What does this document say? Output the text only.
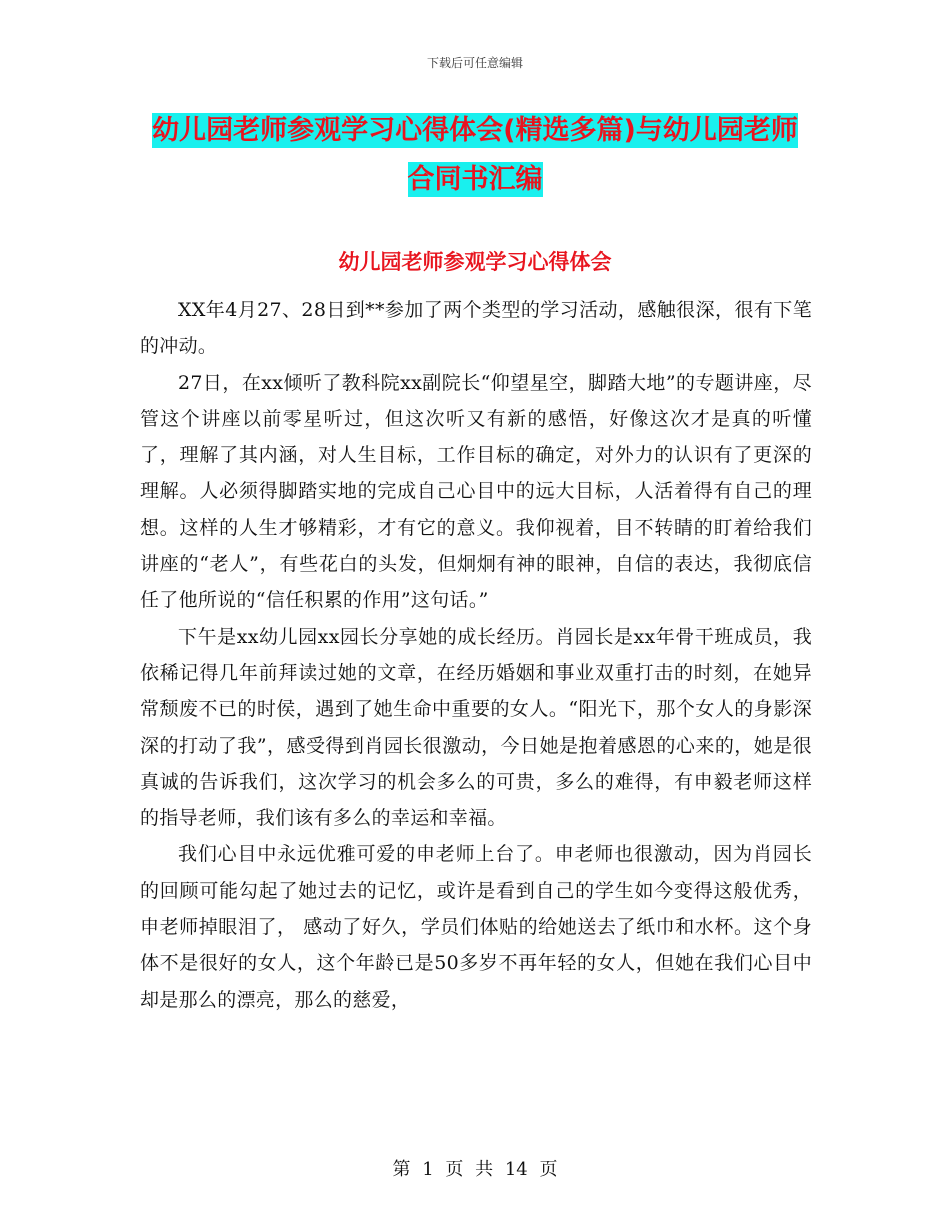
下载后可任意编辑
幼儿园老师参观学习心得体会(精选多篇)与幼儿园老师合同书汇编
幼儿园老师参观学习心得体会

XX年4月27、28日到**参加了两个类型的学习活动，感触很深，很有下笔的冲动。

27日，在xx倾听了教科院xx副院长“仰望星空，脚踏大地”的专题讲座，尽管这个讲座以前零星听过，但这次听又有新的感悟，好像这次才是真的听懂了，理解了其内涵，对人生目标，工作目标的确定，对外力的认识有了更深的理解。人必须得脚踏实地的完成自己心目中的远大目标，人活着得有自己的理想。这样的人生才够精彩，才有它的意义。我仰视着，目不转睛的盯着给我们讲座的“老人”，有些花白的头发，但炯炯有神的眼神，自信的表达，我彻底信任了他所说的“信任积累的作用”这句话。”

下午是xx幼儿园xx园长分享她的成长经历。肖园长是xx年骨干班成员，我依稀记得几年前拜读过她的文章，在经历婚姻和事业双重打击的时刻，在她异常颓废不已的时侯，遇到了她生命中重要的女人。“阳光下，那个女人的身影深深的打动了我”，感受得到肖园长很激动，今日她是抱着感恩的心来的，她是很真诚的告诉我们，这次学习的机会多么的可贵，多么的难得，有申毅老师这样的指导老师，我们该有多么的幸运和幸福。

我们心目中永远优雅可爱的申老师上台了。申老师也很激动，因为肖园长的回顾可能勾起了她过去的记忆，或许是看到自己的学生如今变得这般优秀，申老师掉眼泪了， 感动了好久，学员们体贴的给她送去了纸巾和水杯。这个身体不是很好的女人，这个年龄已是50多岁不再年轻的女人，但她在我们心目中却是那么的漂亮，那么的慈爱，

第 1 页 共 14 页
